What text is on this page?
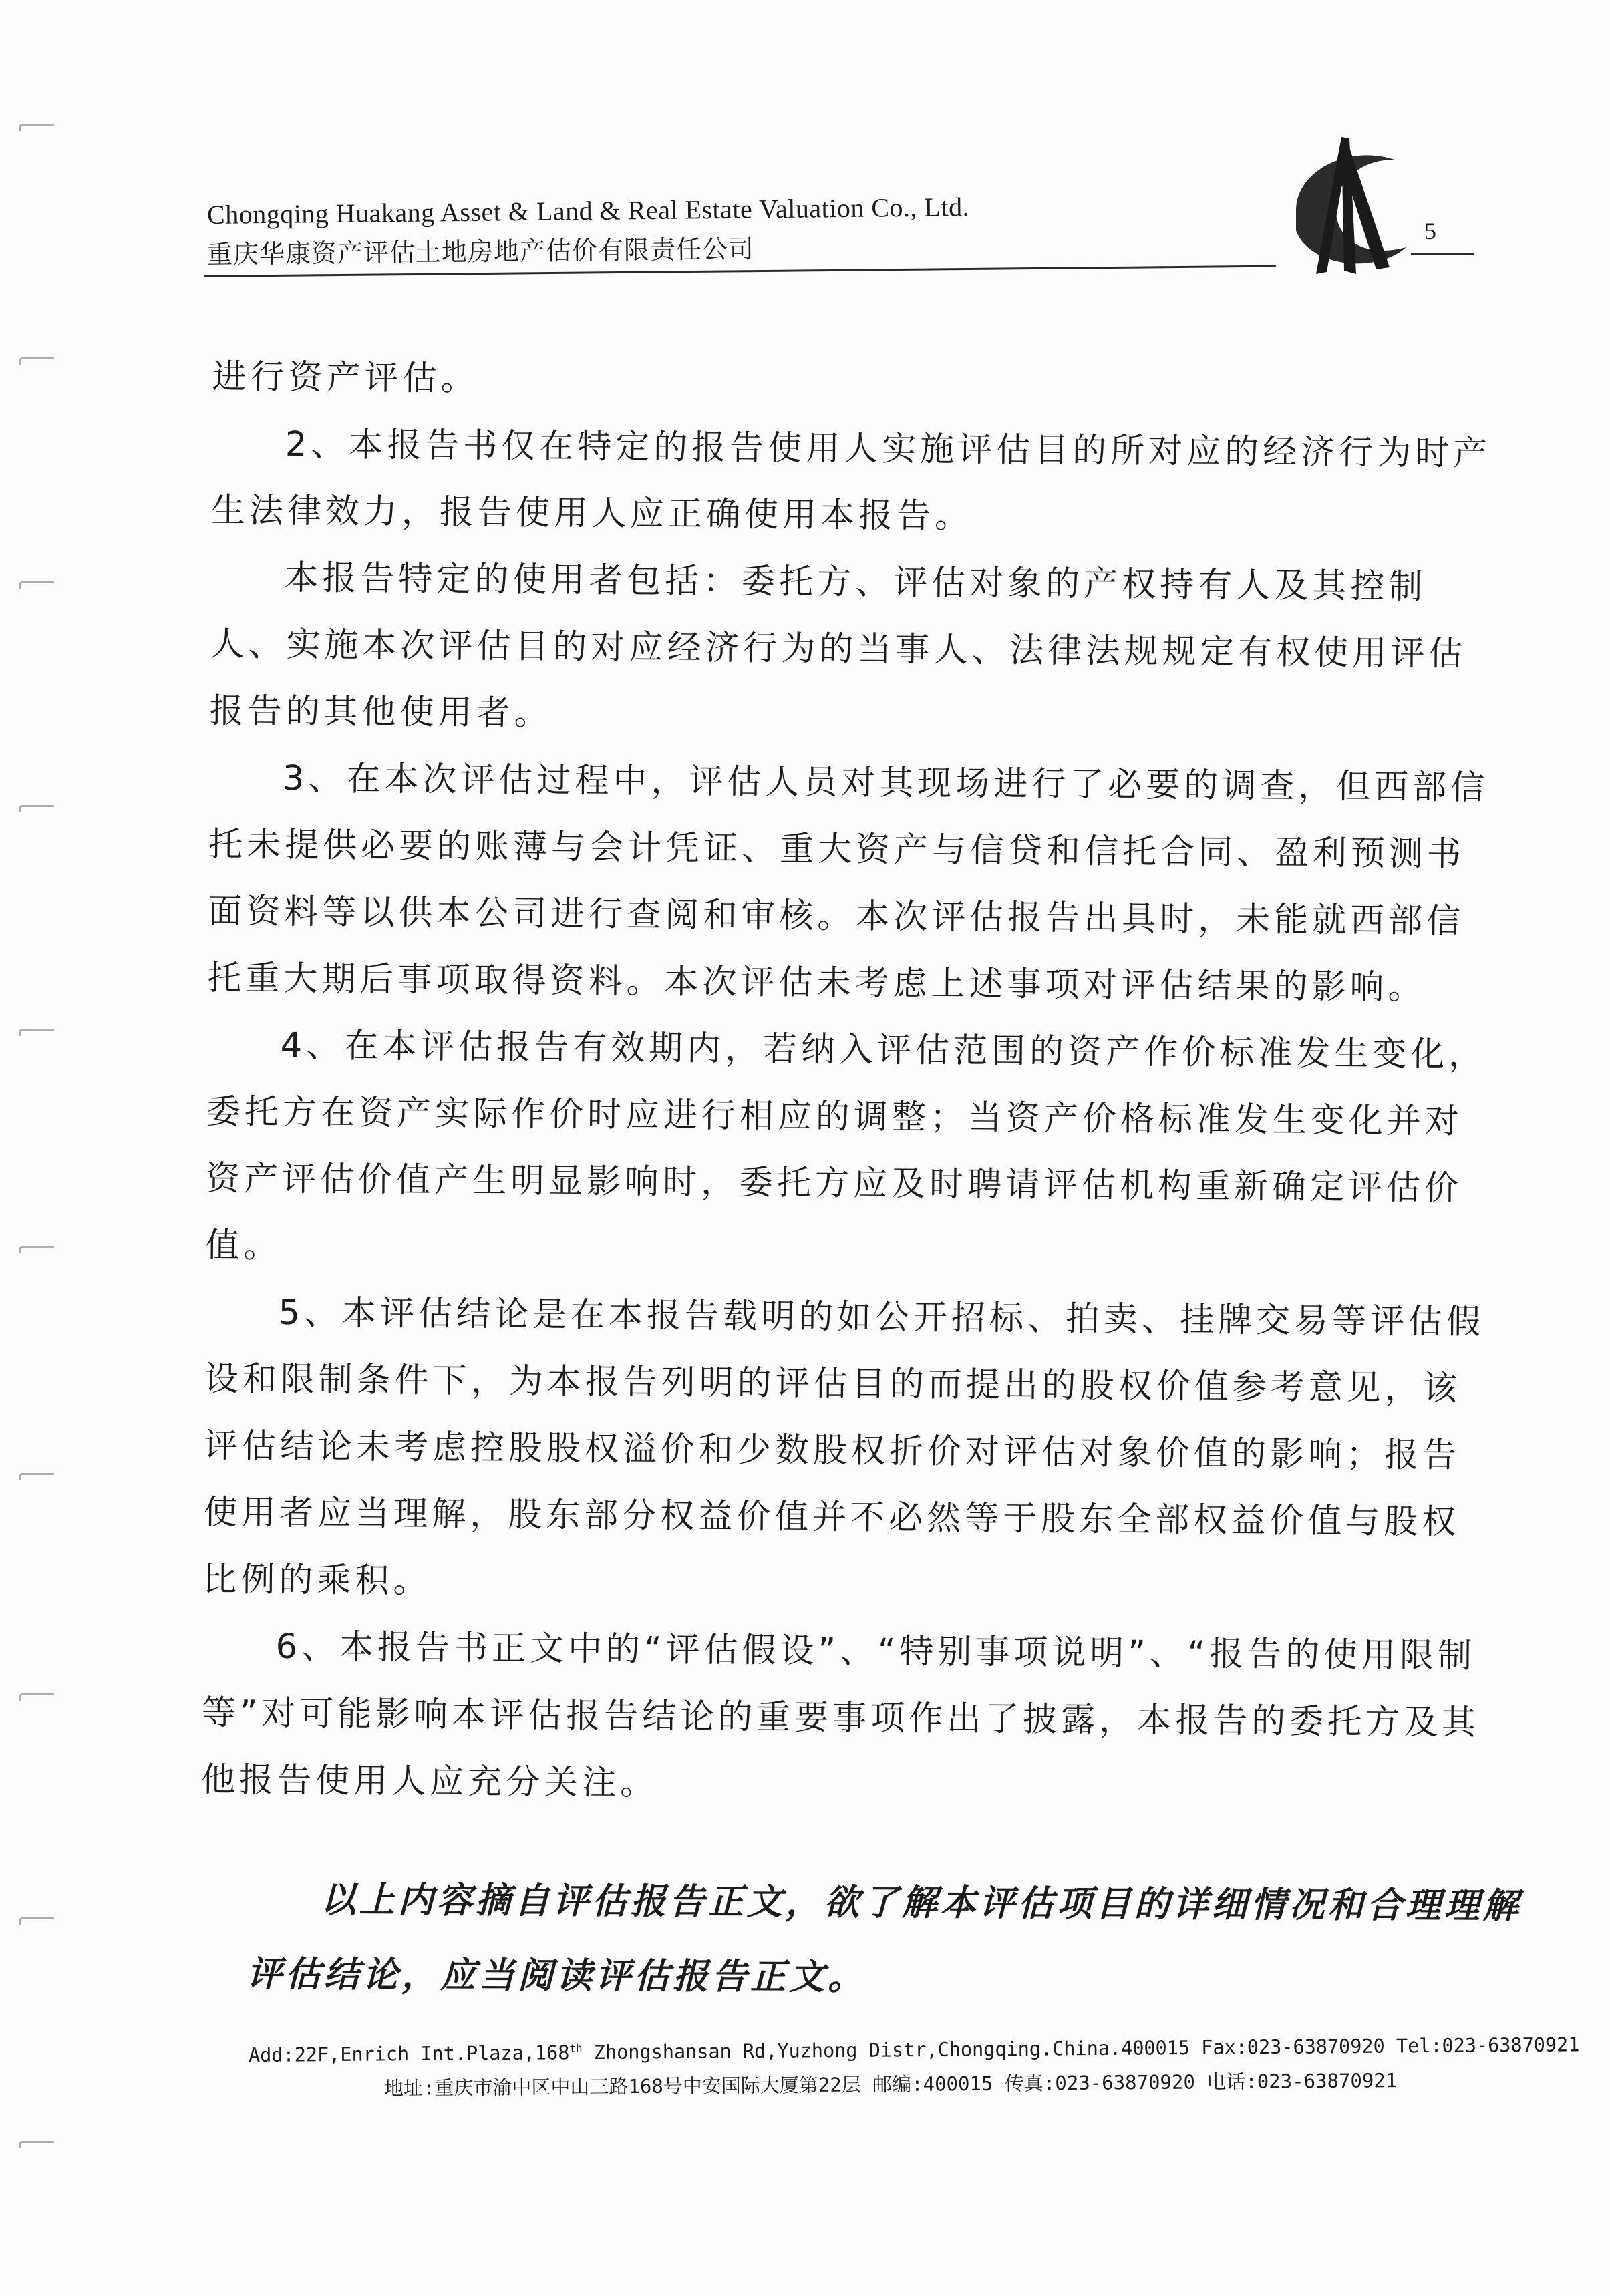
Chongqing Huakang Asset & Land & Real Estate Valuation Co., Ltd.
重庆华康资产评估土地房地产估价有限责任公司
5

进行资产评估。

2、本报告书仅在特定的报告使用人实施评估目的所对应的经济行为时产生法律效力，报告使用人应正确使用本报告。

本报告特定的使用者包括：委托方、评估对象的产权持有人及其控制人、实施本次评估目的对应经济行为的当事人、法律法规规定有权使用评估报告的其他使用者。

3、在本次评估过程中，评估人员对其现场进行了必要的调查，但西部信托未提供必要的账薄与会计凭证、重大资产与信贷和信托合同、盈利预测书面资料等以供本公司进行查阅和审核。本次评估报告出具时，未能就西部信托重大期后事项取得资料。本次评估未考虑上述事项对评估结果的影响。

4、在本评估报告有效期内，若纳入评估范围的资产作价标准发生变化，委托方在资产实际作价时应进行相应的调整；当资产价格标准发生变化并对资产评估价值产生明显影响时，委托方应及时聘请评估机构重新确定评估价值。

5、本评估结论是在本报告载明的如公开招标、拍卖、挂牌交易等评估假设和限制条件下，为本报告列明的评估目的而提出的股权价值参考意见，该评估结论未考虑控股股权溢价和少数股权折价对评估对象价值的影响；报告使用者应当理解，股东部分权益价值并不必然等于股东全部权益价值与股权比例的乘积。

6、本报告书正文中的“评估假设”、“特别事项说明”、“报告的使用限制等”对可能影响本评估报告结论的重要事项作出了披露，本报告的委托方及其他报告使用人应充分关注。

以上内容摘自评估报告正文，欲了解本评估项目的详细情况和合理理解评估结论，应当阅读评估报告正文。
Add:22F,Enrich Int.Plaza,168th Zhongshansan Rd,Yuzhong Distr,Chongqing.China.400015 Fax:023-63870920 Tel:023-63870921
地址:重庆市渝中区中山三路168号中安国际大厦第22层 邮编:400015 传真:023-63870920 电话:023-63870921
